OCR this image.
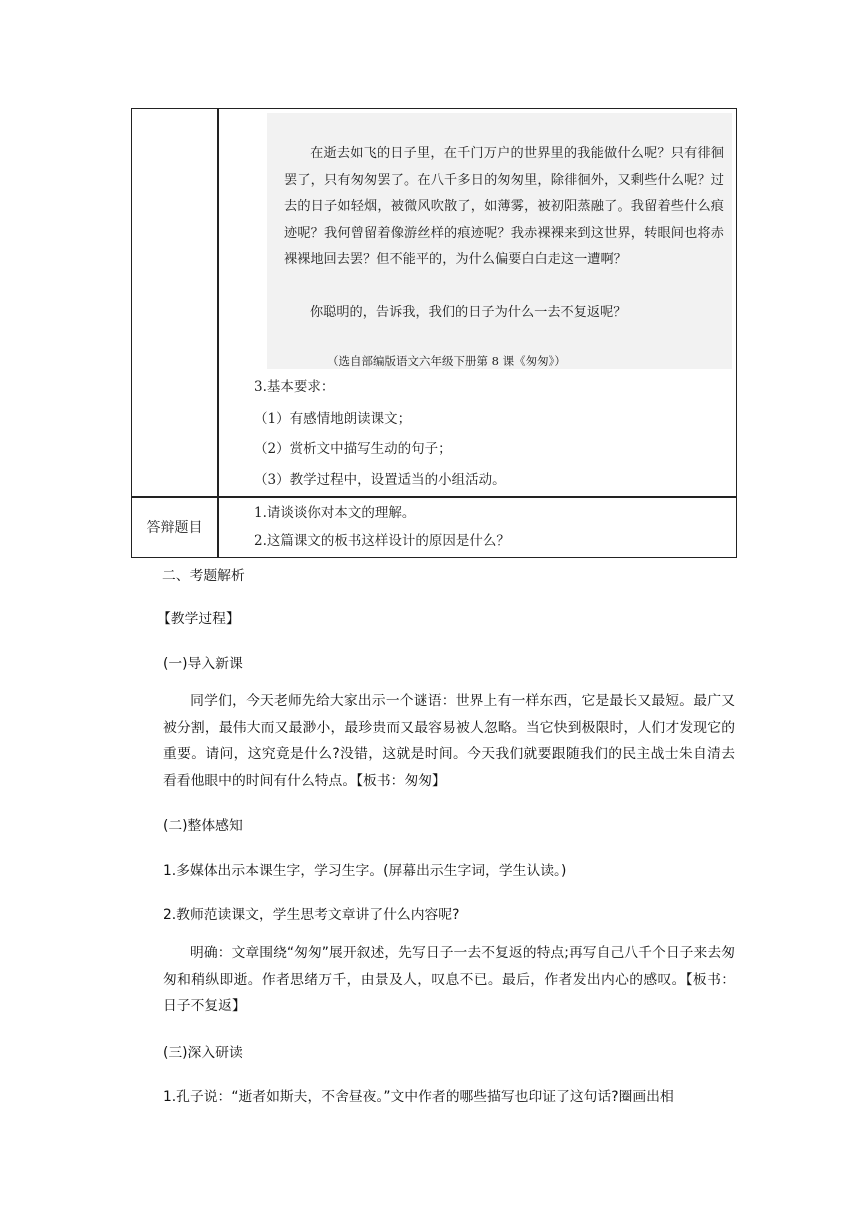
在逝去如飞的日子里，在千门万户的世界里的我能做什么呢？只有徘徊罢了，只有匆匆罢了。在八千多日的匆匆里，除徘徊外，又剩些什么呢？过去的日子如轻烟，被微风吹散了，如薄雾，被初阳蒸融了。我留着些什么痕迹呢？我何曾留着像游丝样的痕迹呢？我赤裸裸来到这世界，转眼间也将赤裸裸地回去罢？但不能平的，为什么偏要白白走这一遭啊？

你聪明的，告诉我，我们的日子为什么一去不复返呢？

（选自部编版语文六年级下册第 8 课《匆匆》）
3.基本要求：
（1）有感情地朗读课文；
（2）赏析文中描写生动的句子；
（3）教学过程中，设置适当的小组活动。
答辩题目
1.请谈谈你对本文的理解。
2.这篇课文的板书这样设计的原因是什么？
二、考题解析
【教学过程】
(一)导入新课

同学们，今天老师先给大家出示一个谜语：世界上有一样东西，它是最长又最短。最广又被分割，最伟大而又最渺小，最珍贵而又最容易被人忽略。当它快到极限时，人们才发现它的重要。请问，这究竟是什么?没错，这就是时间。今天我们就要跟随我们的民主战士朱自清去看看他眼中的时间有什么特点。【板书：匆匆】

(二)整体感知
1.多媒体出示本课生字，学习生字。(屏幕出示生字词，学生认读。)
2.教师范读课文，学生思考文章讲了什么内容呢?

明确：文章围绕“匆匆”展开叙述，先写日子一去不复返的特点;再写自己八千个日子来去匆匆和稍纵即逝。作者思绪万千，由景及人，叹息不已。最后，作者发出内心的感叹。【板书：日子不复返】

(三)深入研读
1.孔子说：“逝者如斯夫，不舍昼夜。”文中作者的哪些描写也印证了这句话?圈画出相
